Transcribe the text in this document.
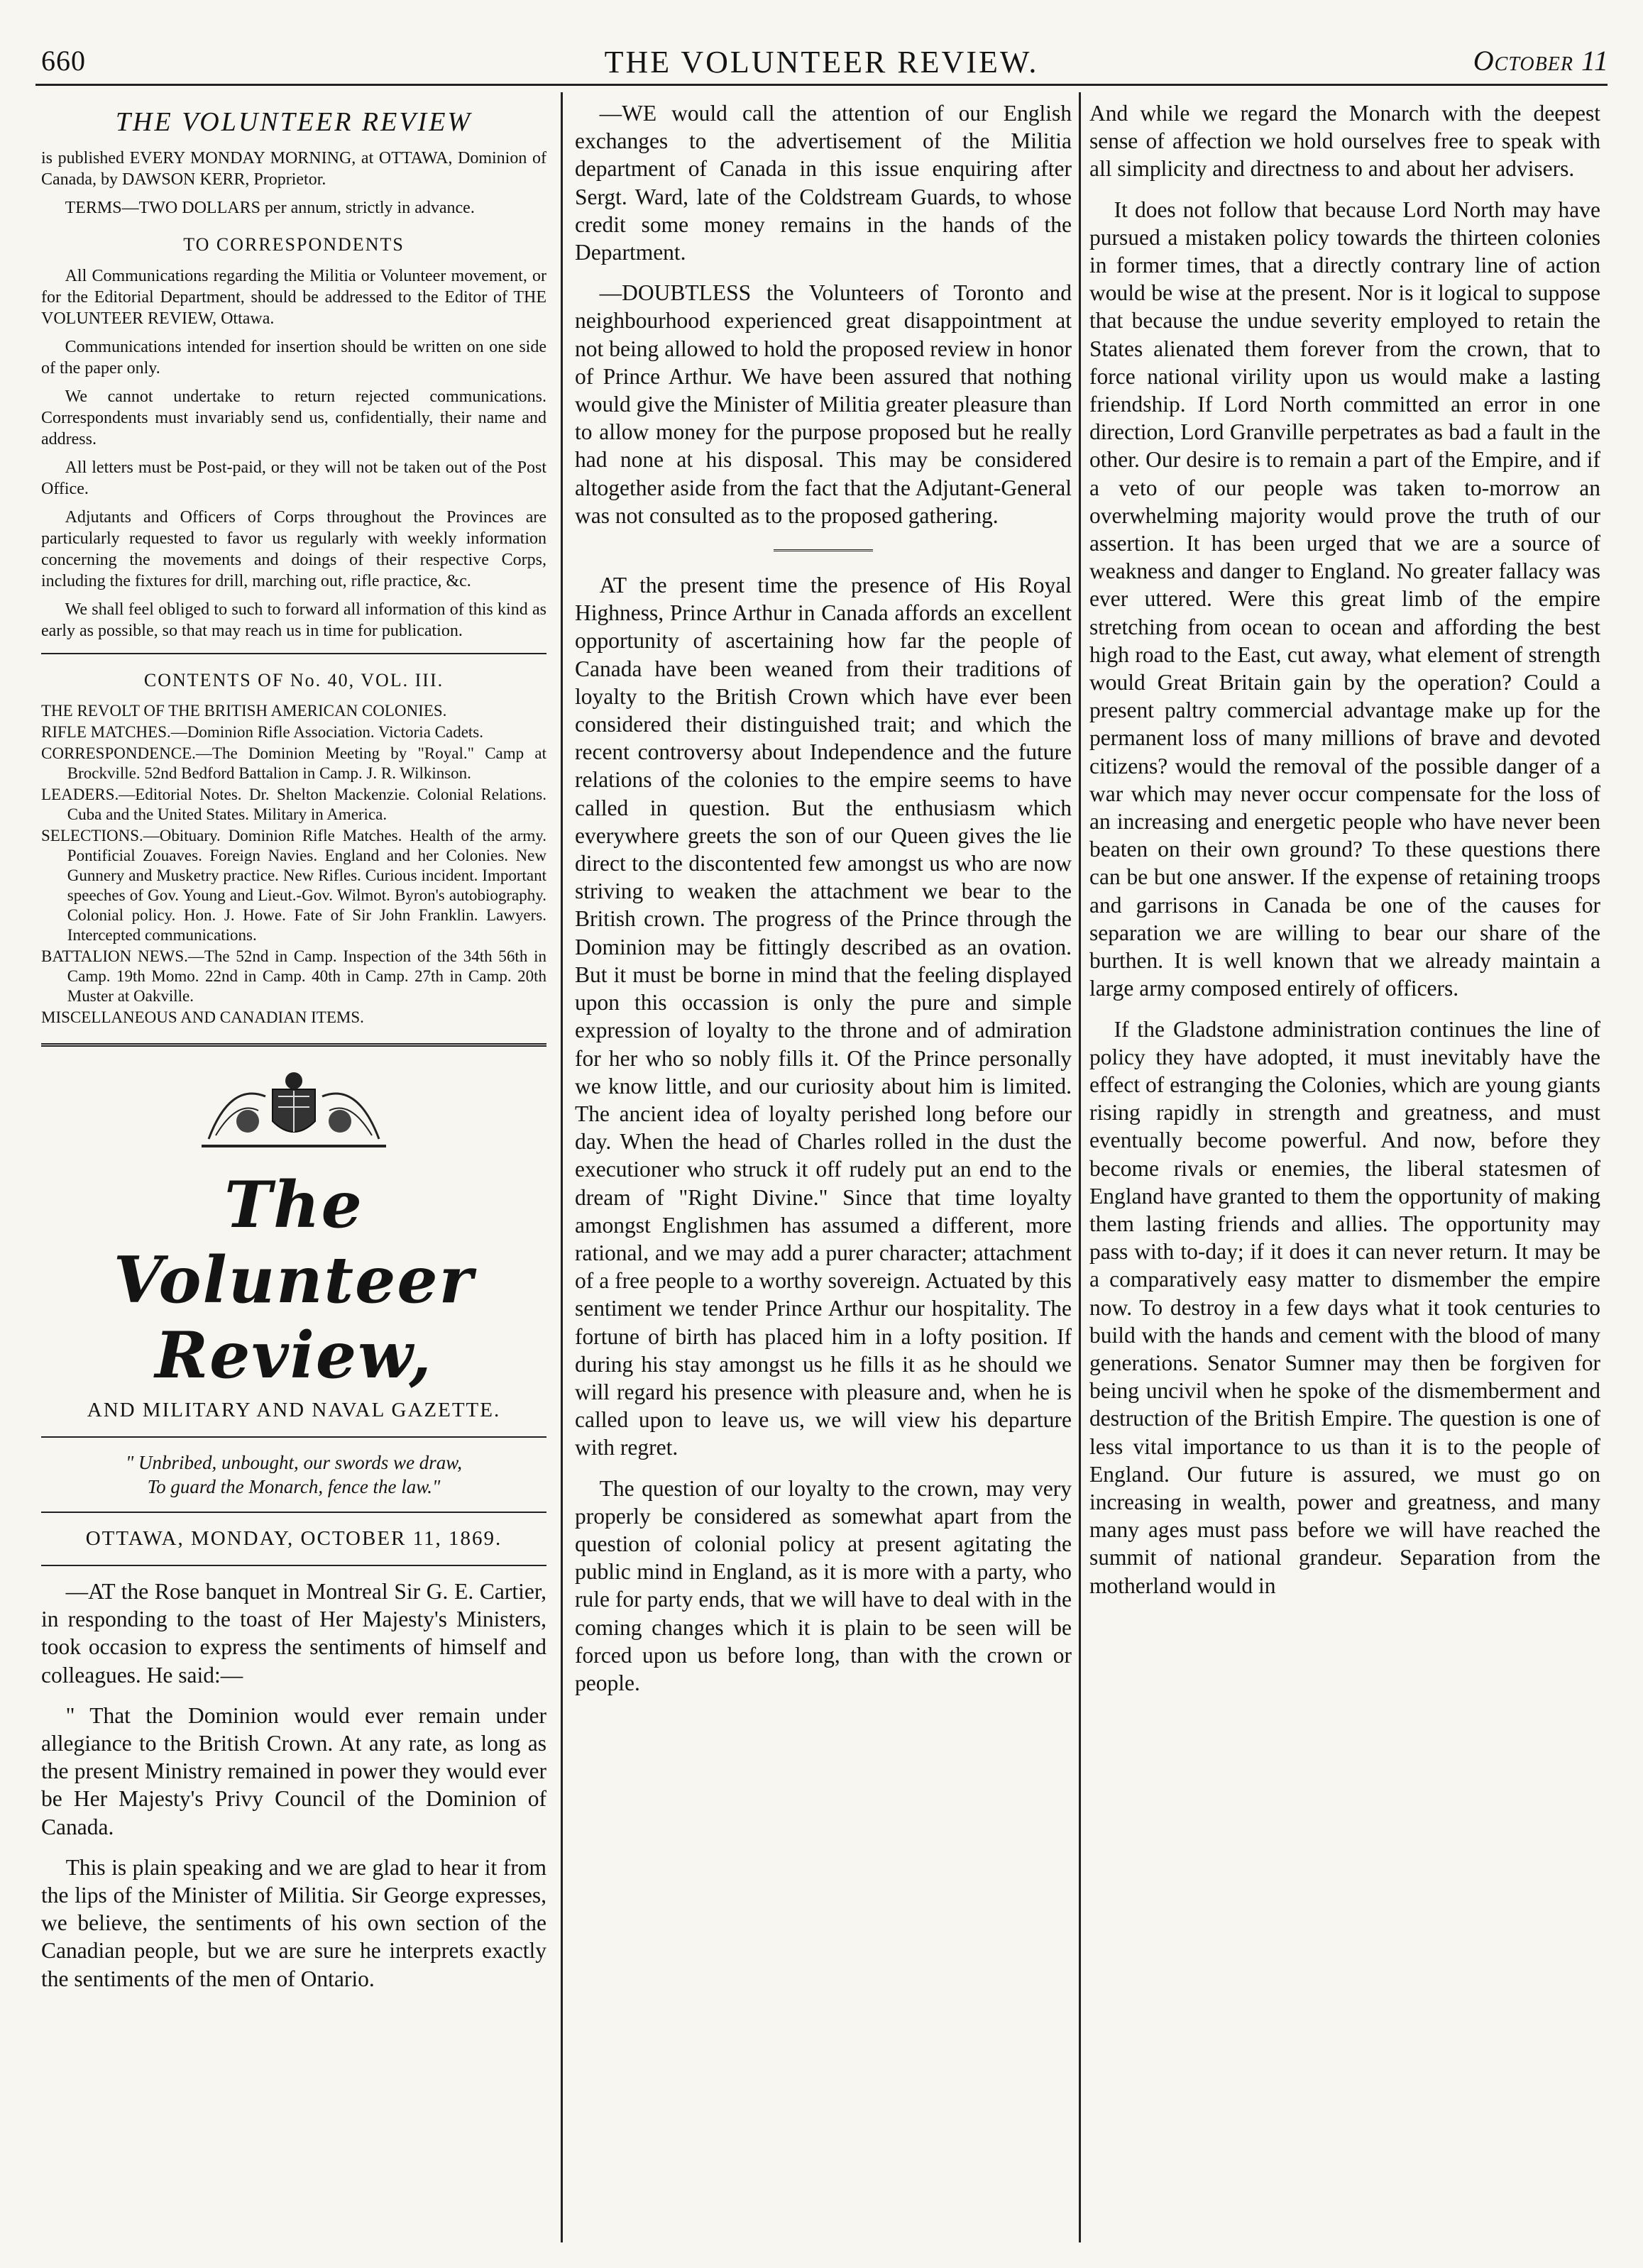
660	THE VOLUNTEER REVIEW.	October 11
THE VOLUNTEER REVIEW

is published EVERY MONDAY MORNING, at OTTAWA, Dominion of Canada, by DAWSON KERR, Proprietor.

TERMS—TWO DOLLARS per annum, strictly in advance.

TO CORRESPONDENTS

All Communications regarding the Militia or Volunteer movement, or for the Editorial Department, should be addressed to the Editor of THE VOLUNTEER REVIEW, Ottawa.

Communications intended for insertion should be written on one side of the paper only.

We cannot undertake to return rejected communications. Correspondents must invariably send us, confidentially, their name and address.

All letters must be Post-paid, or they will not be taken out of the Post Office.

Adjutants and Officers of Corps throughout the Provinces are particularly requested to favor us regularly with weekly information concerning the movements and doings of their respective Corps, including the fixtures for drill, marching out, rifle practice, &c.

We shall feel obliged to such to forward all information of this kind as early as possible, so that may reach us in time for publication.

CONTENTS OF No. 40, VOL. III.

THE REVOLT OF THE BRITISH AMERICAN COLONIES.

RIFLE MATCHES.—Dominion Rifle Association. Victoria Cadets.

CORRESPONDENCE.—The Dominion Meeting by "Royal." Camp at Brockville. 52nd Bedford Battalion in Camp. J. R. Wilkinson.

LEADERS.—Editorial Notes. Dr. Shelton Mackenzie. Colonial Relations. Cuba and the United States. Military in America.

SELECTIONS.—Obituary. Dominion Rifle Matches. Health of the army. Pontificial Zouaves. Foreign Navies. England and her Colonies. New Gunnery and Musketry practice. New Rifles. Curious incident. Important speeches of Gov. Young and Lieut.-Gov. Wilmot. Byron's autobiography. Colonial policy. Hon. J. Howe. Fate of Sir John Franklin. Lawyers. Intercepted communications.

BATTALION NEWS.—The 52nd in Camp. Inspection of the 34th 56th in Camp. 19th Momo. 22nd in Camp. 40th in Camp. 27th in Camp. 20th Muster at Oakville.

MISCELLANEOUS AND CANADIAN ITEMS.

The Volunteer Review,
AND MILITARY AND NAVAL GAZETTE.
" Unbribed, unbought, our swords we draw,
To guard the Monarch, fence the law."
OTTAWA, MONDAY, OCTOBER 11, 1869.

—AT the Rose banquet in Montreal Sir G. E. Cartier, in responding to the toast of Her Majesty's Ministers, took occasion to express the sentiments of himself and colleagues. He said:—

" That the Dominion would ever remain under allegiance to the British Crown. At any rate, as long as the present Ministry remained in power they would ever be Her Majesty's Privy Council of the Dominion of Canada.

This is plain speaking and we are glad to hear it from the lips of the Minister of Militia. Sir George expresses, we believe, the sentiments of his own section of the Canadian people, but we are sure he interprets exactly the sentiments of the men of Ontario.

—WE would call the attention of our English exchanges to the advertisement of the Militia department of Canada in this issue enquiring after Sergt. Ward, late of the Coldstream Guards, to whose credit some money remains in the hands of the Department.

—DOUBTLESS the Volunteers of Toronto and neighbourhood experienced great disappointment at not being allowed to hold the proposed review in honor of Prince Arthur. We have been assured that nothing would give the Minister of Militia greater pleasure than to allow money for the purpose proposed but he really had none at his disposal. This may be considered altogether aside from the fact that the Adjutant-General was not consulted as to the proposed gathering.

AT the present time the presence of His Royal Highness, Prince Arthur in Canada affords an excellent opportunity of ascertaining how far the people of Canada have been weaned from their traditions of loyalty to the British Crown which have ever been considered their distinguished trait; and which the recent controversy about Independence and the future relations of the colonies to the empire seems to have called in question. But the enthusiasm which everywhere greets the son of our Queen gives the lie direct to the discontented few amongst us who are now striving to weaken the attachment we bear to the British crown. The progress of the Prince through the Dominion may be fittingly described as an ovation. But it must be borne in mind that the feeling displayed upon this occassion is only the pure and simple expression of loyalty to the throne and of admiration for her who so nobly fills it. Of the Prince personally we know little, and our curiosity about him is limited. The ancient idea of loyalty perished long before our day. When the head of Charles rolled in the dust the executioner who struck it off rudely put an end to the dream of "Right Divine." Since that time loyalty amongst Englishmen has assumed a different, more rational, and we may add a purer character; attachment of a free people to a worthy sovereign. Actuated by this sentiment we tender Prince Arthur our hospitality. The fortune of birth has placed him in a lofty position. If during his stay amongst us he fills it as he should we will regard his presence with pleasure and, when he is called upon to leave us, we will view his departure with regret.

The question of our loyalty to the crown, may very properly be considered as somewhat apart from the question of colonial policy at present agitating the public mind in England, as it is more with a party, who rule for party ends, that we will have to deal with in the coming changes which it is plain to be seen will be forced upon us before long, than with the crown or people.

And while we regard the Monarch with the deepest sense of affection we hold ourselves free to speak with all simplicity and directness to and about her advisers.

It does not follow that because Lord North may have pursued a mistaken policy towards the thirteen colonies in former times, that a directly contrary line of action would be wise at the present. Nor is it logical to suppose that because the undue severity employed to retain the States alienated them forever from the crown, that to force national virility upon us would make a lasting friendship. If Lord North committed an error in one direction, Lord Granville perpetrates as bad a fault in the other. Our desire is to remain a part of the Empire, and if a veto of our people was taken to-morrow an overwhelming majority would prove the truth of our assertion. It has been urged that we are a source of weakness and danger to England. No greater fallacy was ever uttered. Were this great limb of the empire stretching from ocean to ocean and affording the best high road to the East, cut away, what element of strength would Great Britain gain by the operation? Could a present paltry commercial advantage make up for the permanent loss of many millions of brave and devoted citizens? would the removal of the possible danger of a war which may never occur compensate for the loss of an increasing and energetic people who have never been beaten on their own ground? To these questions there can be but one answer. If the expense of retaining troops and garrisons in Canada be one of the causes for separation we are willing to bear our share of the burthen. It is well known that we already maintain a large army composed entirely of officers.

If the Gladstone administration continues the line of policy they have adopted, it must inevitably have the effect of estranging the Colonies, which are young giants rising rapidly in strength and greatness, and must eventually become powerful. And now, before they become rivals or enemies, the liberal statesmen of England have granted to them the opportunity of making them lasting friends and allies. The opportunity may pass with to-day; if it does it can never return. It may be a comparatively easy matter to dismember the empire now. To destroy in a few days what it took centuries to build with the hands and cement with the blood of many generations. Senator Sumner may then be forgiven for being uncivil when he spoke of the dismemberment and destruction of the British Empire. The question is one of less vital importance to us than it is to the people of England. Our future is assured, we must go on increasing in wealth, power and greatness, and many many ages must pass before we will have reached the summit of national grandeur. Separation from the motherland would in
